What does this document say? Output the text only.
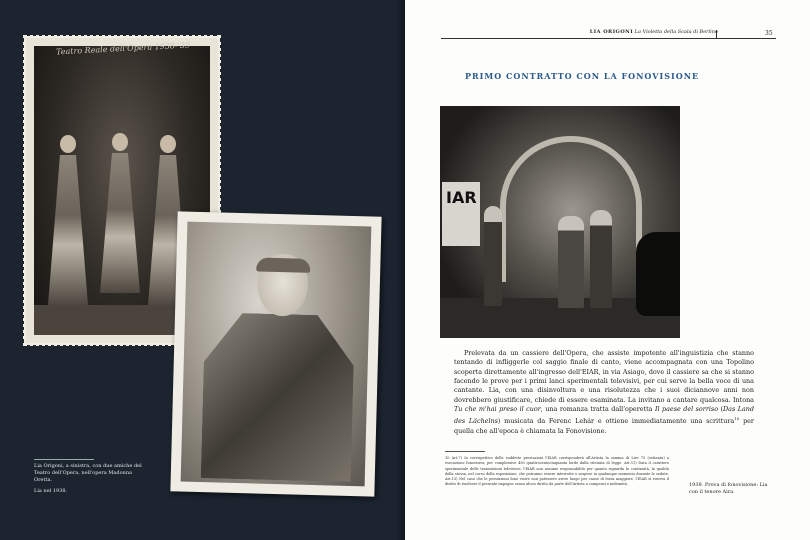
Teatro Reale dell'Opera 1938-'39
Lia Origoni, a sinistra, con due amiche del Teatro dell'Opera, nell'opera Madonna Oretta.
Lia nel 1938.
LIA ORIGONI La Violetta della Scala di Berlino	35
PRIMO CONTRATTO CON LA FONOVISIONE
IAR

Prelevata da un cassiere dell'Opera, che assiste impotente all'inguistizia che stanno tentando di infliggerle col saggio finale di canto, viene accompagnata con una Topolino scoperta direttamente all'ingresso dell'EIAR, in via Asiago, dove il cassiere sa che si stanno facendo le prove per i primi lanci sperimentali televisivi, per cui serve la bella voce di una cantante. Lia, con una disinvoltura e una risolutezza che i suoi diciannove anni non dovrebbero giustificare, chiede di essere esaminata. La invitano a cantare qualcosa. Intona Tu che m'hai preso il cuor, una romanza tratta dall'operetta Il paese del sorriso (Das Land des Lächelns) musicata da Ferenc Lehár e ottiene immediatamente una scrittura$^{10}$ per quella che all'epoca è chiamata la Fonovisione.

10 Art.7) In corrispettivo delle suddette prestazioni l'EIAR corrisponderà all'Artista la somma di Lire 75 (settanta) a esecuzione fonovisiva, per complessive 450 quattrocentocinquanta lorde dalla ritenuta di legge. Art.11) Data il carattere sperimentale delle trasmissioni televisive, l'EIAR non assume responsabilità per quanto riguarda la continuità, la qualità della stessa, nel corso della esposizione, che potranno essere interrotte o sospese in qualunque momento durante le sedute. Art.13) Nel caso che le prestazioni fono visive non potessero avere luogo per cause di forza maggiore, l'EIAR si riserva il diritto di risolvere il presente impegno senza alcun diritto da parte dell'Artista a compensi e indennità.	1939. Prova di fonovisione: Lia con il tenore Aira.
